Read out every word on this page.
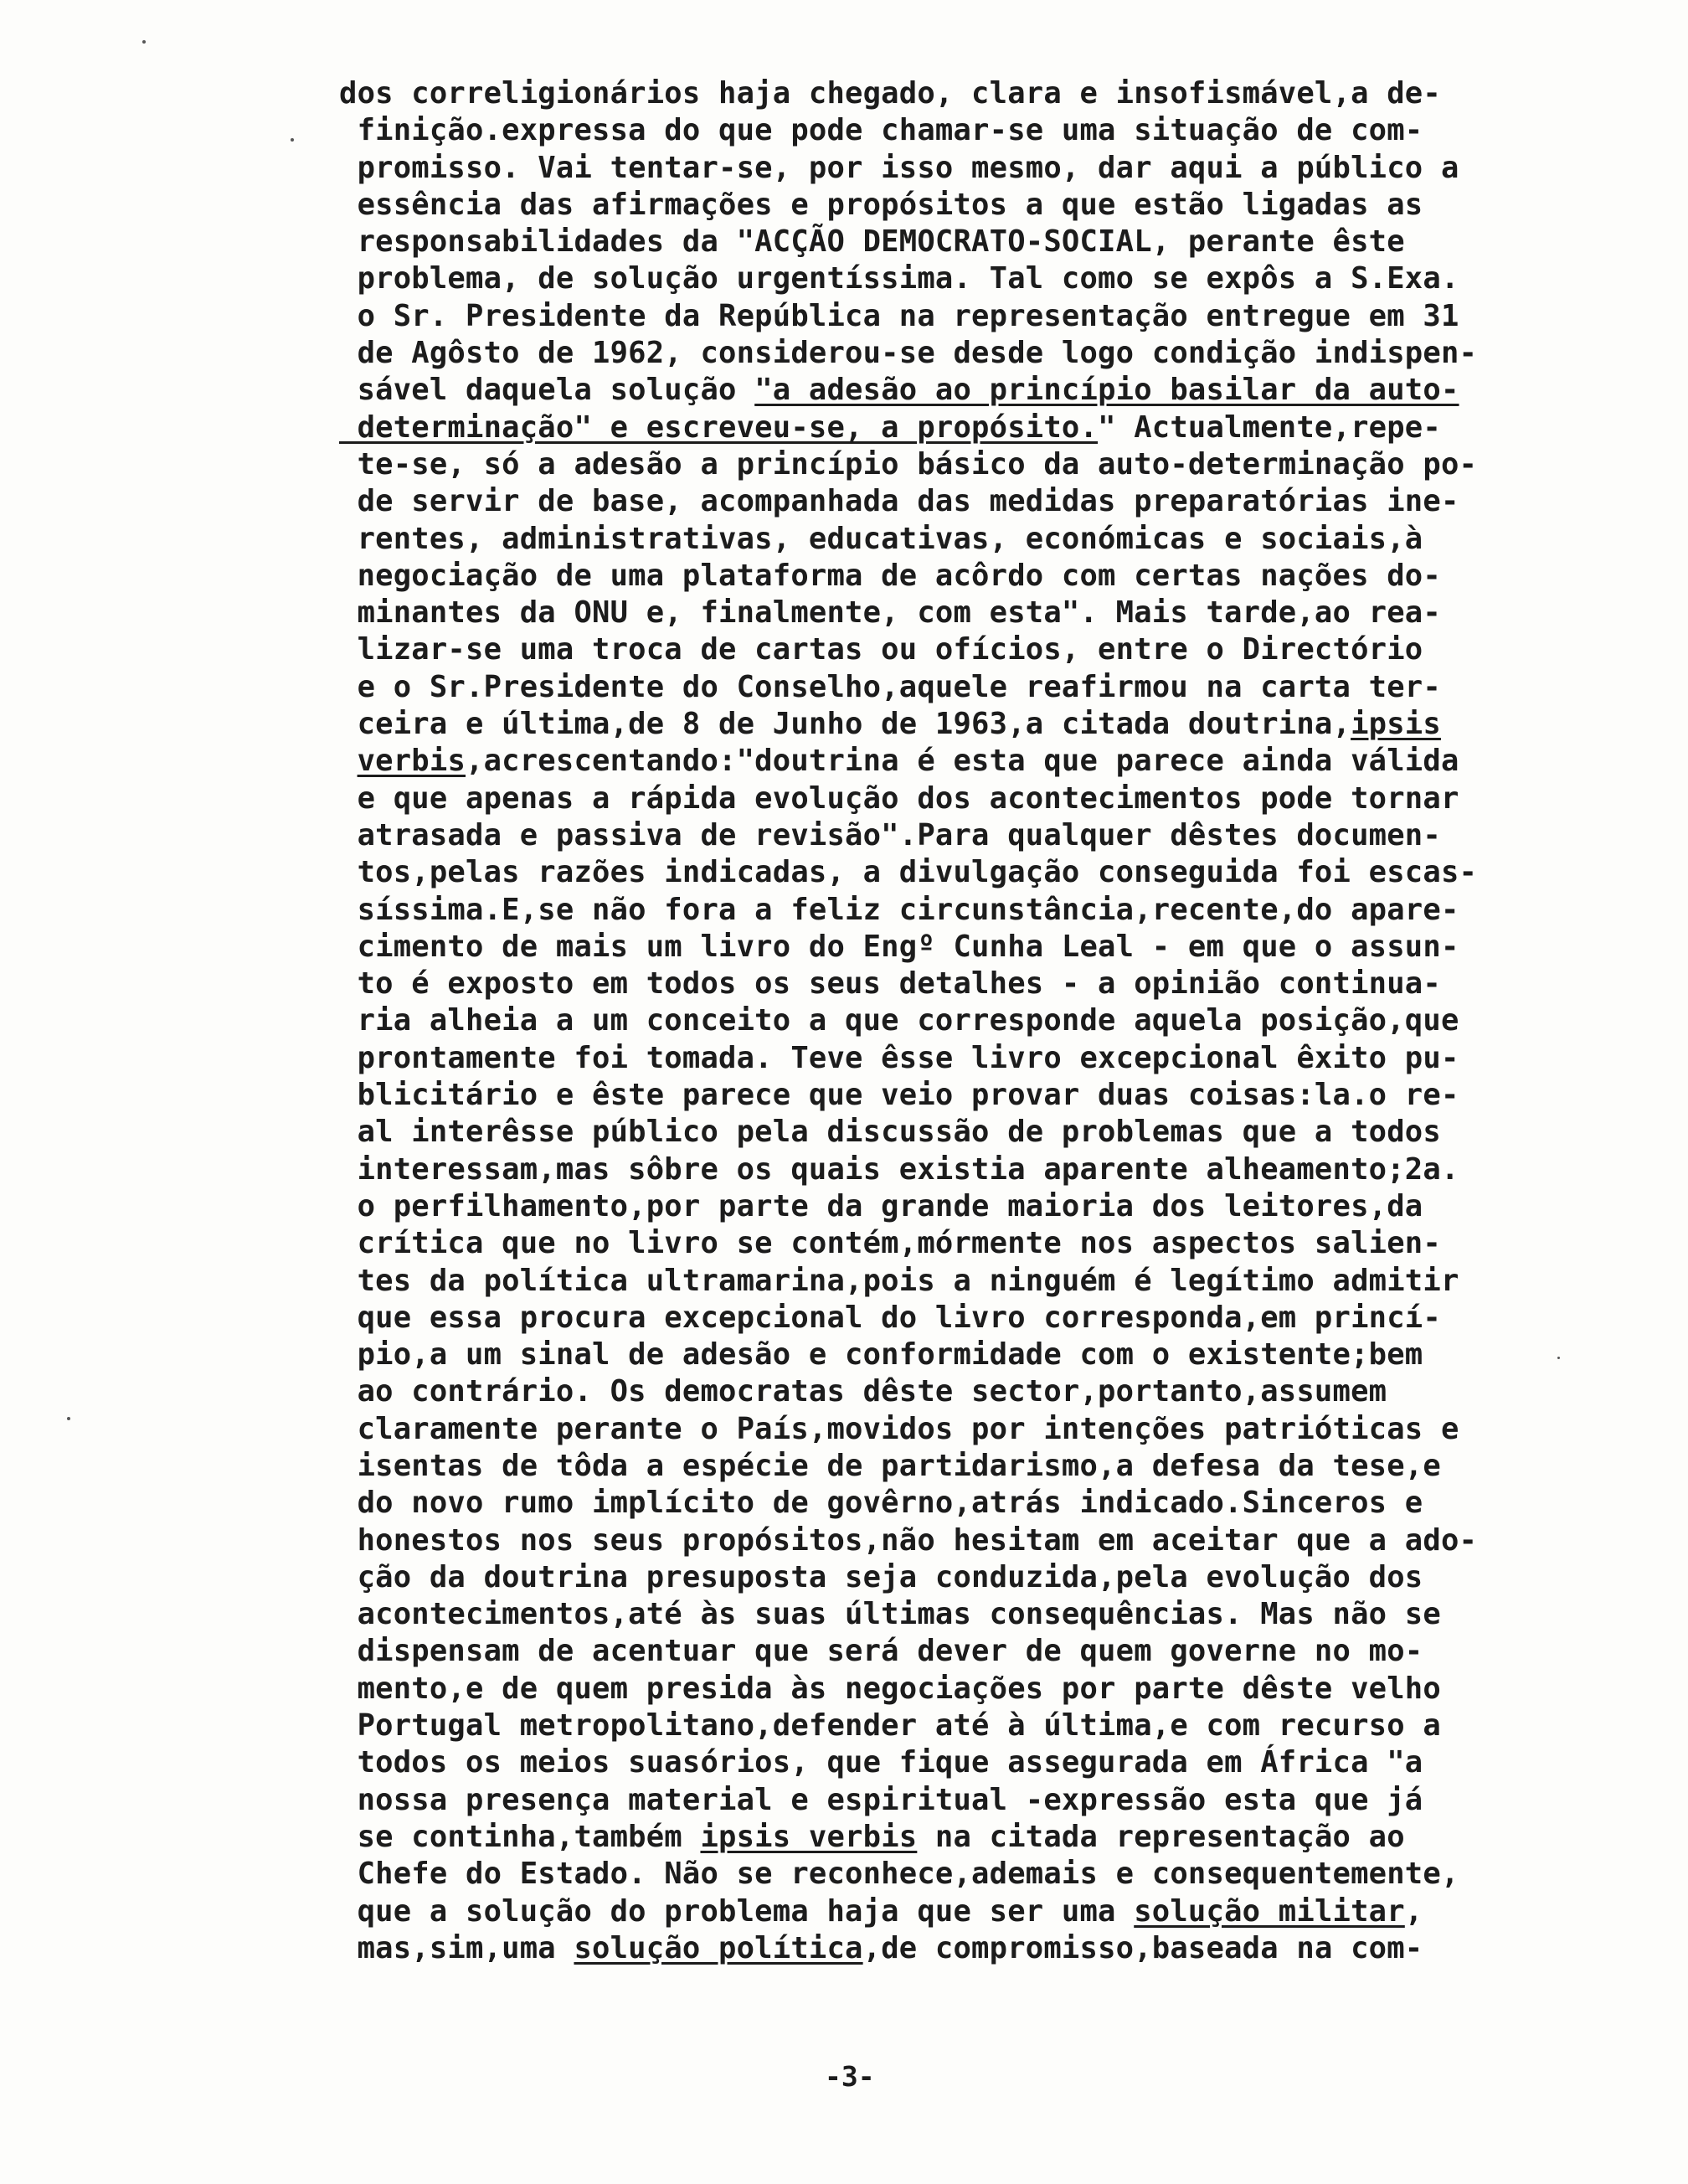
dos correligionários haja chegado, clara e insofismável,a de-
finição.expressa do que pode chamar-se uma situação de com-
promisso. Vai tentar-se, por isso mesmo, dar aqui a público a
essência das afirmações e propósitos a que estão ligadas as
responsabilidades da "ACÇÃO DEMOCRATO-SOCIAL, perante êste
problema, de solução urgentíssima. Tal como se expôs a S.Exa.
o Sr. Presidente da República na representação entregue em 31
de Agôsto de 1962, considerou-se desde logo condição indispen-
sável daquela solução "a adesão ao princípio basilar da auto-
determinação" e escreveu-se, a propósito." Actualmente,repe-
te-se, só a adesão a princípio básico da auto-determinação po-
de servir de base, acompanhada das medidas preparatórias ine-
rentes, administrativas, educativas, económicas e sociais,à
negociação de uma plataforma de acôrdo com certas nações do-
minantes da ONU e, finalmente, com esta". Mais tarde,ao rea-
lizar-se uma troca de cartas ou ofícios, entre o Directório
e o Sr.Presidente do Conselho,aquele reafirmou na carta ter-
ceira e última,de 8 de Junho de 1963,a citada doutrina,ipsis
verbis,acrescentando:"doutrina é esta que parece ainda válida
e que apenas a rápida evolução dos acontecimentos pode tornar
atrasada e passiva de revisão".Para qualquer dêstes documen-
tos,pelas razões indicadas, a divulgação conseguida foi escas-
síssima.E,se não fora a feliz circunstância,recente,do apare-
cimento de mais um livro do Engº Cunha Leal - em que o assun-
to é exposto em todos os seus detalhes - a opinião continua-
ria alheia a um conceito a que corresponde aquela posição,que
prontamente foi tomada. Teve êsse livro excepcional êxito pu-
blicitário e êste parece que veio provar duas coisas:la.o re-
al interêsse público pela discussão de problemas que a todos
interessam,mas sôbre os quais existia aparente alheamento;2a.
o perfilhamento,por parte da grande maioria dos leitores,da
crítica que no livro se contém,mórmente nos aspectos salien-
tes da política ultramarina,pois a ninguém é legítimo admitir
que essa procura excepcional do livro corresponda,em princí-
pio,a um sinal de adesão e conformidade com o existente;bem
ao contrário. Os democratas dêste sector,portanto,assumem
claramente perante o País,movidos por intenções patrióticas e
isentas de tôda a espécie de partidarismo,a defesa da tese,e
do novo rumo implícito de govêrno,atrás indicado.Sinceros e
honestos nos seus propósitos,não hesitam em aceitar que a ado-
ção da doutrina presuposta seja conduzida,pela evolução dos
acontecimentos,até às suas últimas consequências. Mas não se
dispensam de acentuar que será dever de quem governe no mo-
mento,e de quem presida às negociações por parte dêste velho
Portugal metropolitano,defender até à última,e com recurso a
todos os meios suasórios, que fique assegurada em África "a
nossa presença material e espiritual -expressão esta que já
se continha,também ipsis verbis na citada representação ao
Chefe do Estado. Não se reconhece,ademais e consequentemente,
que a solução do problema haja que ser uma solução militar,
mas,sim,uma solução política,de compromisso,baseada na com-
-3-
